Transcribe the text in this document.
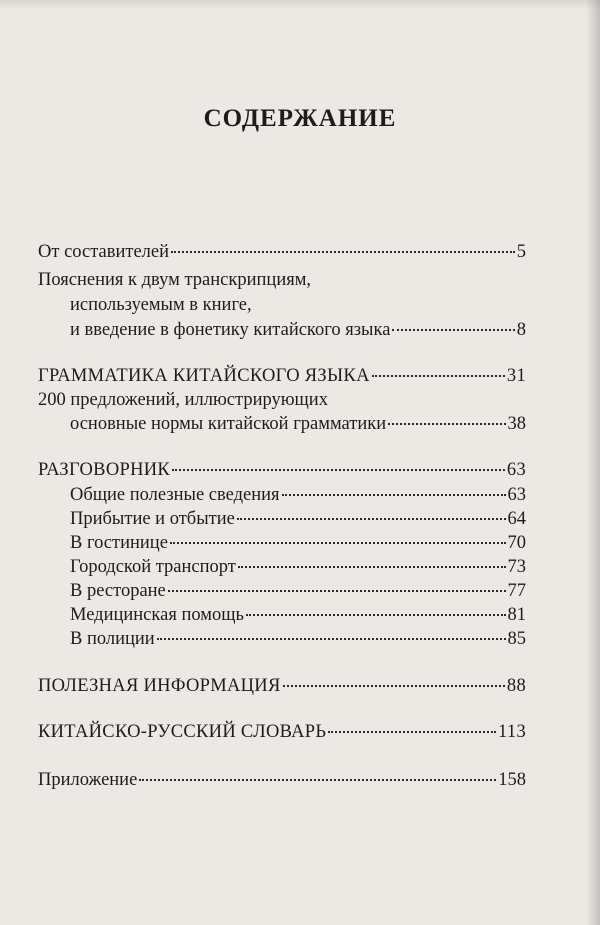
СОДЕРЖАНИЕ
От составителей	5
Пояснения к двум транскрипциям,
используемым в книге,
и введение в фонетику китайского языка	8
ГРАММАТИКА КИТАЙСКОГО ЯЗЫКА	31
200 предложений, иллюстрирующих
основные нормы китайской грамматики	38
РАЗГОВОРНИК	63
Общие полезные сведения	63
Прибытие и отбытие	64
В гостинице	70
Городской транспорт	73
В ресторане	77
Медицинская помощь	81
В полиции	85
ПОЛЕЗНАЯ ИНФОРМАЦИЯ	88
КИТАЙСКО-РУССКИЙ СЛОВАРЬ	113
Приложение	158
